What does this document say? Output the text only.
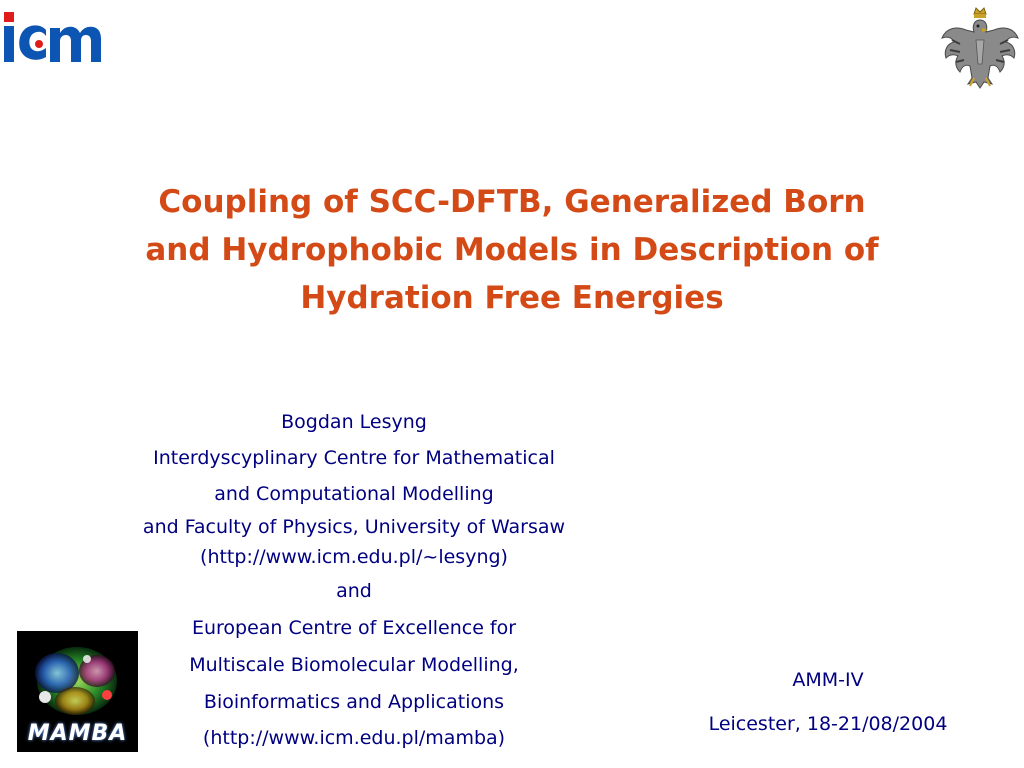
Coupling of SCC-DFTB, Generalized Born
and Hydrophobic Models in Description of
Hydration Free Energies
Bogdan Lesyng
Interdyscyplinary Centre for Mathematical
and Computational Modelling
and Faculty of Physics, University of Warsaw
(http://www.icm.edu.pl/~lesyng)
and
European Centre of Excellence for
Multiscale Biomolecular Modelling,
Bioinformatics and Applications
(http://www.icm.edu.pl/mamba)
MAMBA
AMM-IV
Leicester, 18-21/08/2004
